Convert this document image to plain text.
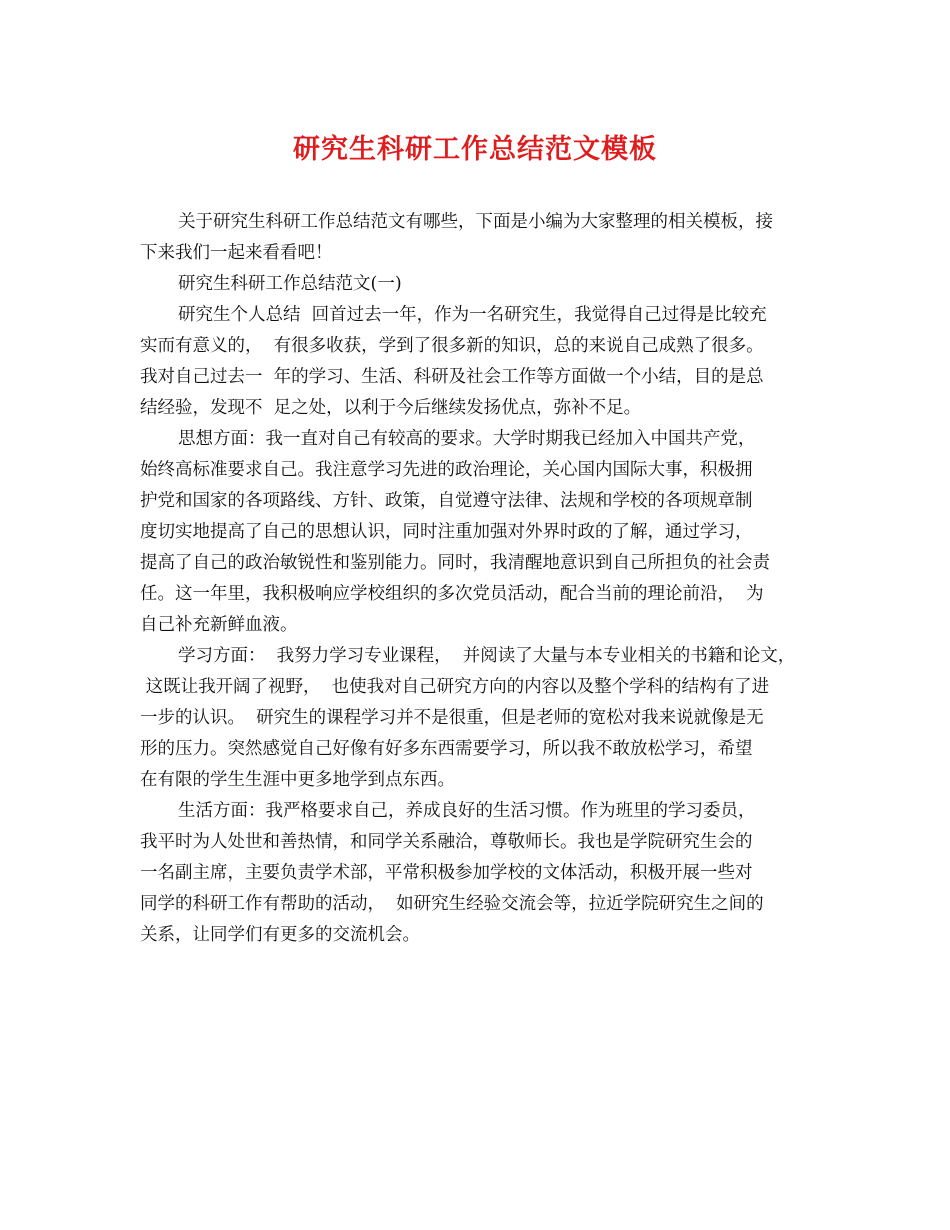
研究生科研工作总结范文模板
关于研究生科研工作总结范文有哪些，下面是小编为大家整理的相关模板，接
下来我们一起来看看吧！
研究生科研工作总结范文(一)
研究生个人总结  回首过去一年，作为一名研究生，我觉得自己过得是比较充
实而有意义的，  有很多收获，学到了很多新的知识，总的来说自己成熟了很多。
我对自己过去一  年的学习、生活、科研及社会工作等方面做一个小结，目的是总
结经验，发现不  足之处，以利于今后继续发扬优点，弥补不足。
思想方面：我一直对自己有较高的要求。大学时期我已经加入中国共产党，
始终高标准要求自己。我注意学习先进的政治理论，关心国内国际大事，积极拥
护党和国家的各项路线、方针、政策，自觉遵守法律、法规和学校的各项规章制
度切实地提高了自己的思想认识，同时注重加强对外界时政的了解，通过学习，
提高了自己的政治敏锐性和鉴别能力。同时，我清醒地意识到自己所担负的社会责
任。这一年里，我积极响应学校组织的多次党员活动，配合当前的理论前沿，  为
自己补充新鲜血液。
学习方面：  我努力学习专业课程，  并阅读了大量与本专业相关的书籍和论文，
这既让我开阔了视野，  也使我对自己研究方向的内容以及整个学科的结构有了进
一步的认识。  研究生的课程学习并不是很重，但是老师的宽松对我来说就像是无
形的压力。突然感觉自己好像有好多东西需要学习，所以我不敢放松学习，希望
在有限的学生生涯中更多地学到点东西。
生活方面：我严格要求自己，养成良好的生活习惯。作为班里的学习委员，
我平时为人处世和善热情，和同学关系融洽，尊敬师长。我也是学院研究生会的
一名副主席，主要负责学术部，平常积极参加学校的文体活动，积极开展一些对
同学的科研工作有帮助的活动，  如研究生经验交流会等，拉近学院研究生之间的
关系，让同学们有更多的交流机会。
